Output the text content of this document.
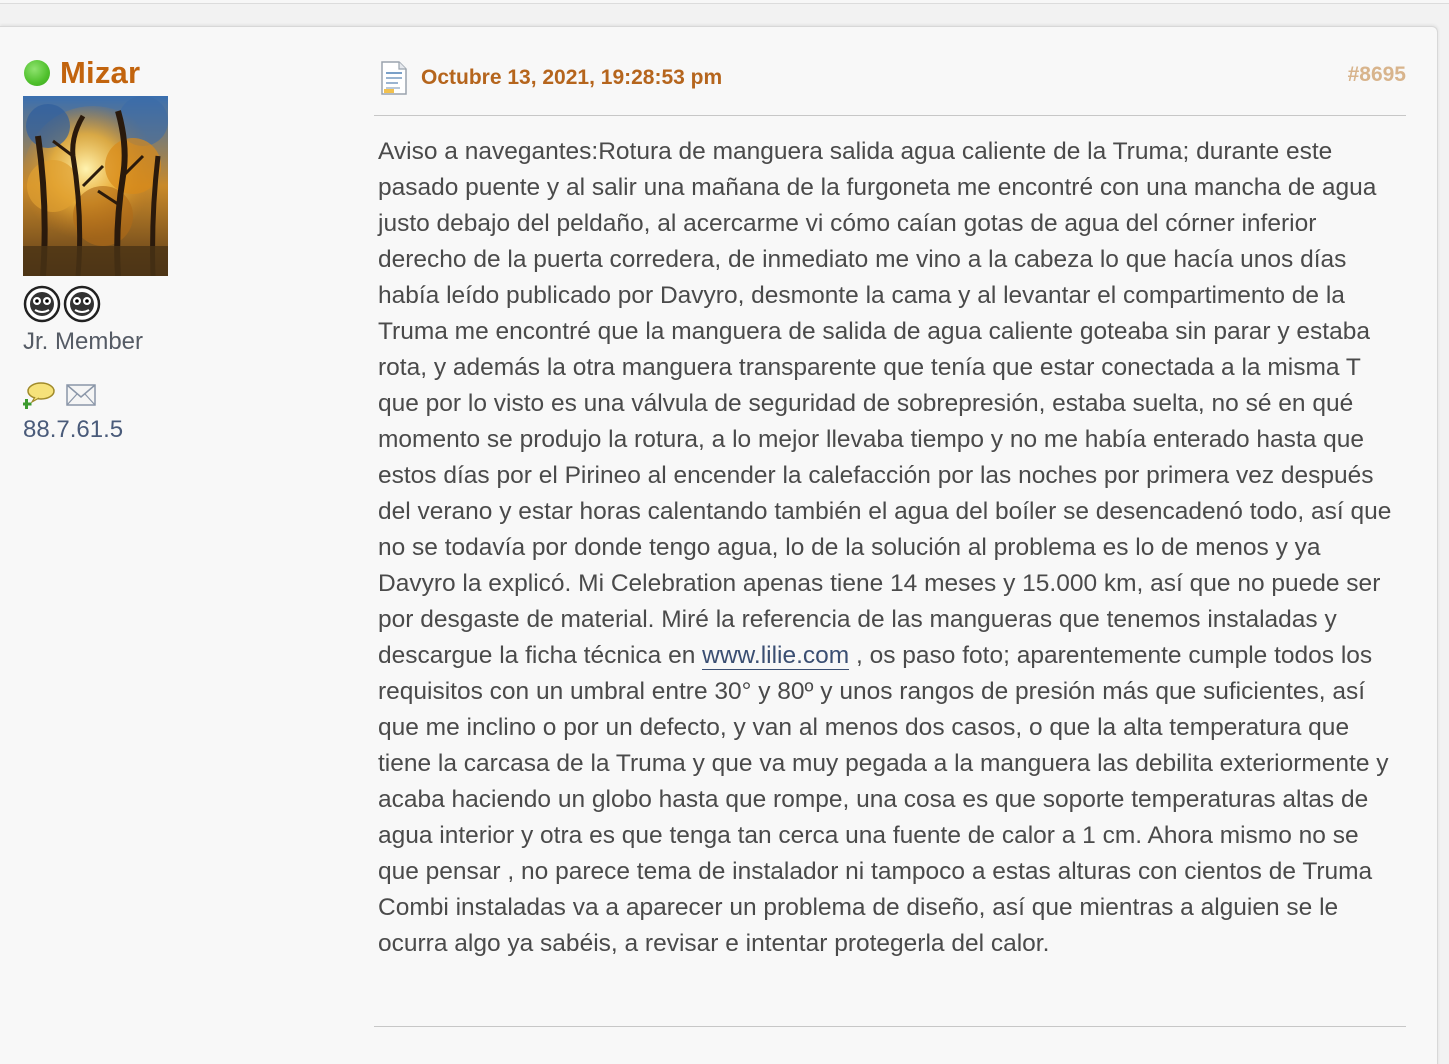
Mizar
Jr. Member
88.7.61.5
Octubre 13, 2021, 19:28:53 pm	#8695
Aviso a navegantes:Rotura de manguera salida agua caliente de la Truma; durante este pasado puente y al salir una mañana de la furgoneta me encontré con una mancha de agua justo debajo del peldaño, al acercarme vi cómo caían gotas de agua del córner inferior derecho de la puerta corredera, de inmediato me vino a la cabeza lo que hacía unos días había leído publicado por Davyro, desmonte la cama y al levantar el compartimento de la Truma me encontré que la manguera de salida de agua caliente goteaba sin parar y estaba rota, y además la otra manguera transparente que tenía que estar conectada a la misma T que por lo visto es una válvula de seguridad de sobrepresión, estaba suelta, no sé en qué momento se produjo la rotura, a lo mejor llevaba tiempo y no me había enterado hasta que estos días por el Pirineo al encender la calefacción por las noches por primera vez después del verano y estar horas calentando también el agua del boíler se desencadenó todo, así que no se todavía por donde tengo agua, lo de la solución al problema es lo de menos y ya Davyro la explicó. Mi Celebration apenas tiene 14 meses y 15.000 km, así que no puede ser por desgaste de material. Miré la referencia de las mangueras que tenemos instaladas y descargue la ficha técnica en www.lilie.com , os paso foto; aparentemente cumple todos los requisitos con un umbral entre 30° y 80º y unos rangos de presión más que suficientes, así que me inclino o por un defecto, y van al menos dos casos, o que la alta temperatura que tiene la carcasa de la Truma y que va muy pegada a la manguera las debilita exteriormente y acaba haciendo un globo hasta que rompe, una cosa es que soporte temperaturas altas de agua interior y otra es que tenga tan cerca una fuente de calor a 1 cm. Ahora mismo no se que pensar , no parece tema de instalador ni tampoco a estas alturas con cientos de Truma Combi instaladas va a aparecer un problema de diseño, así que mientras a alguien se le ocurra algo ya sabéis, a revisar e intentar protegerla del calor.
